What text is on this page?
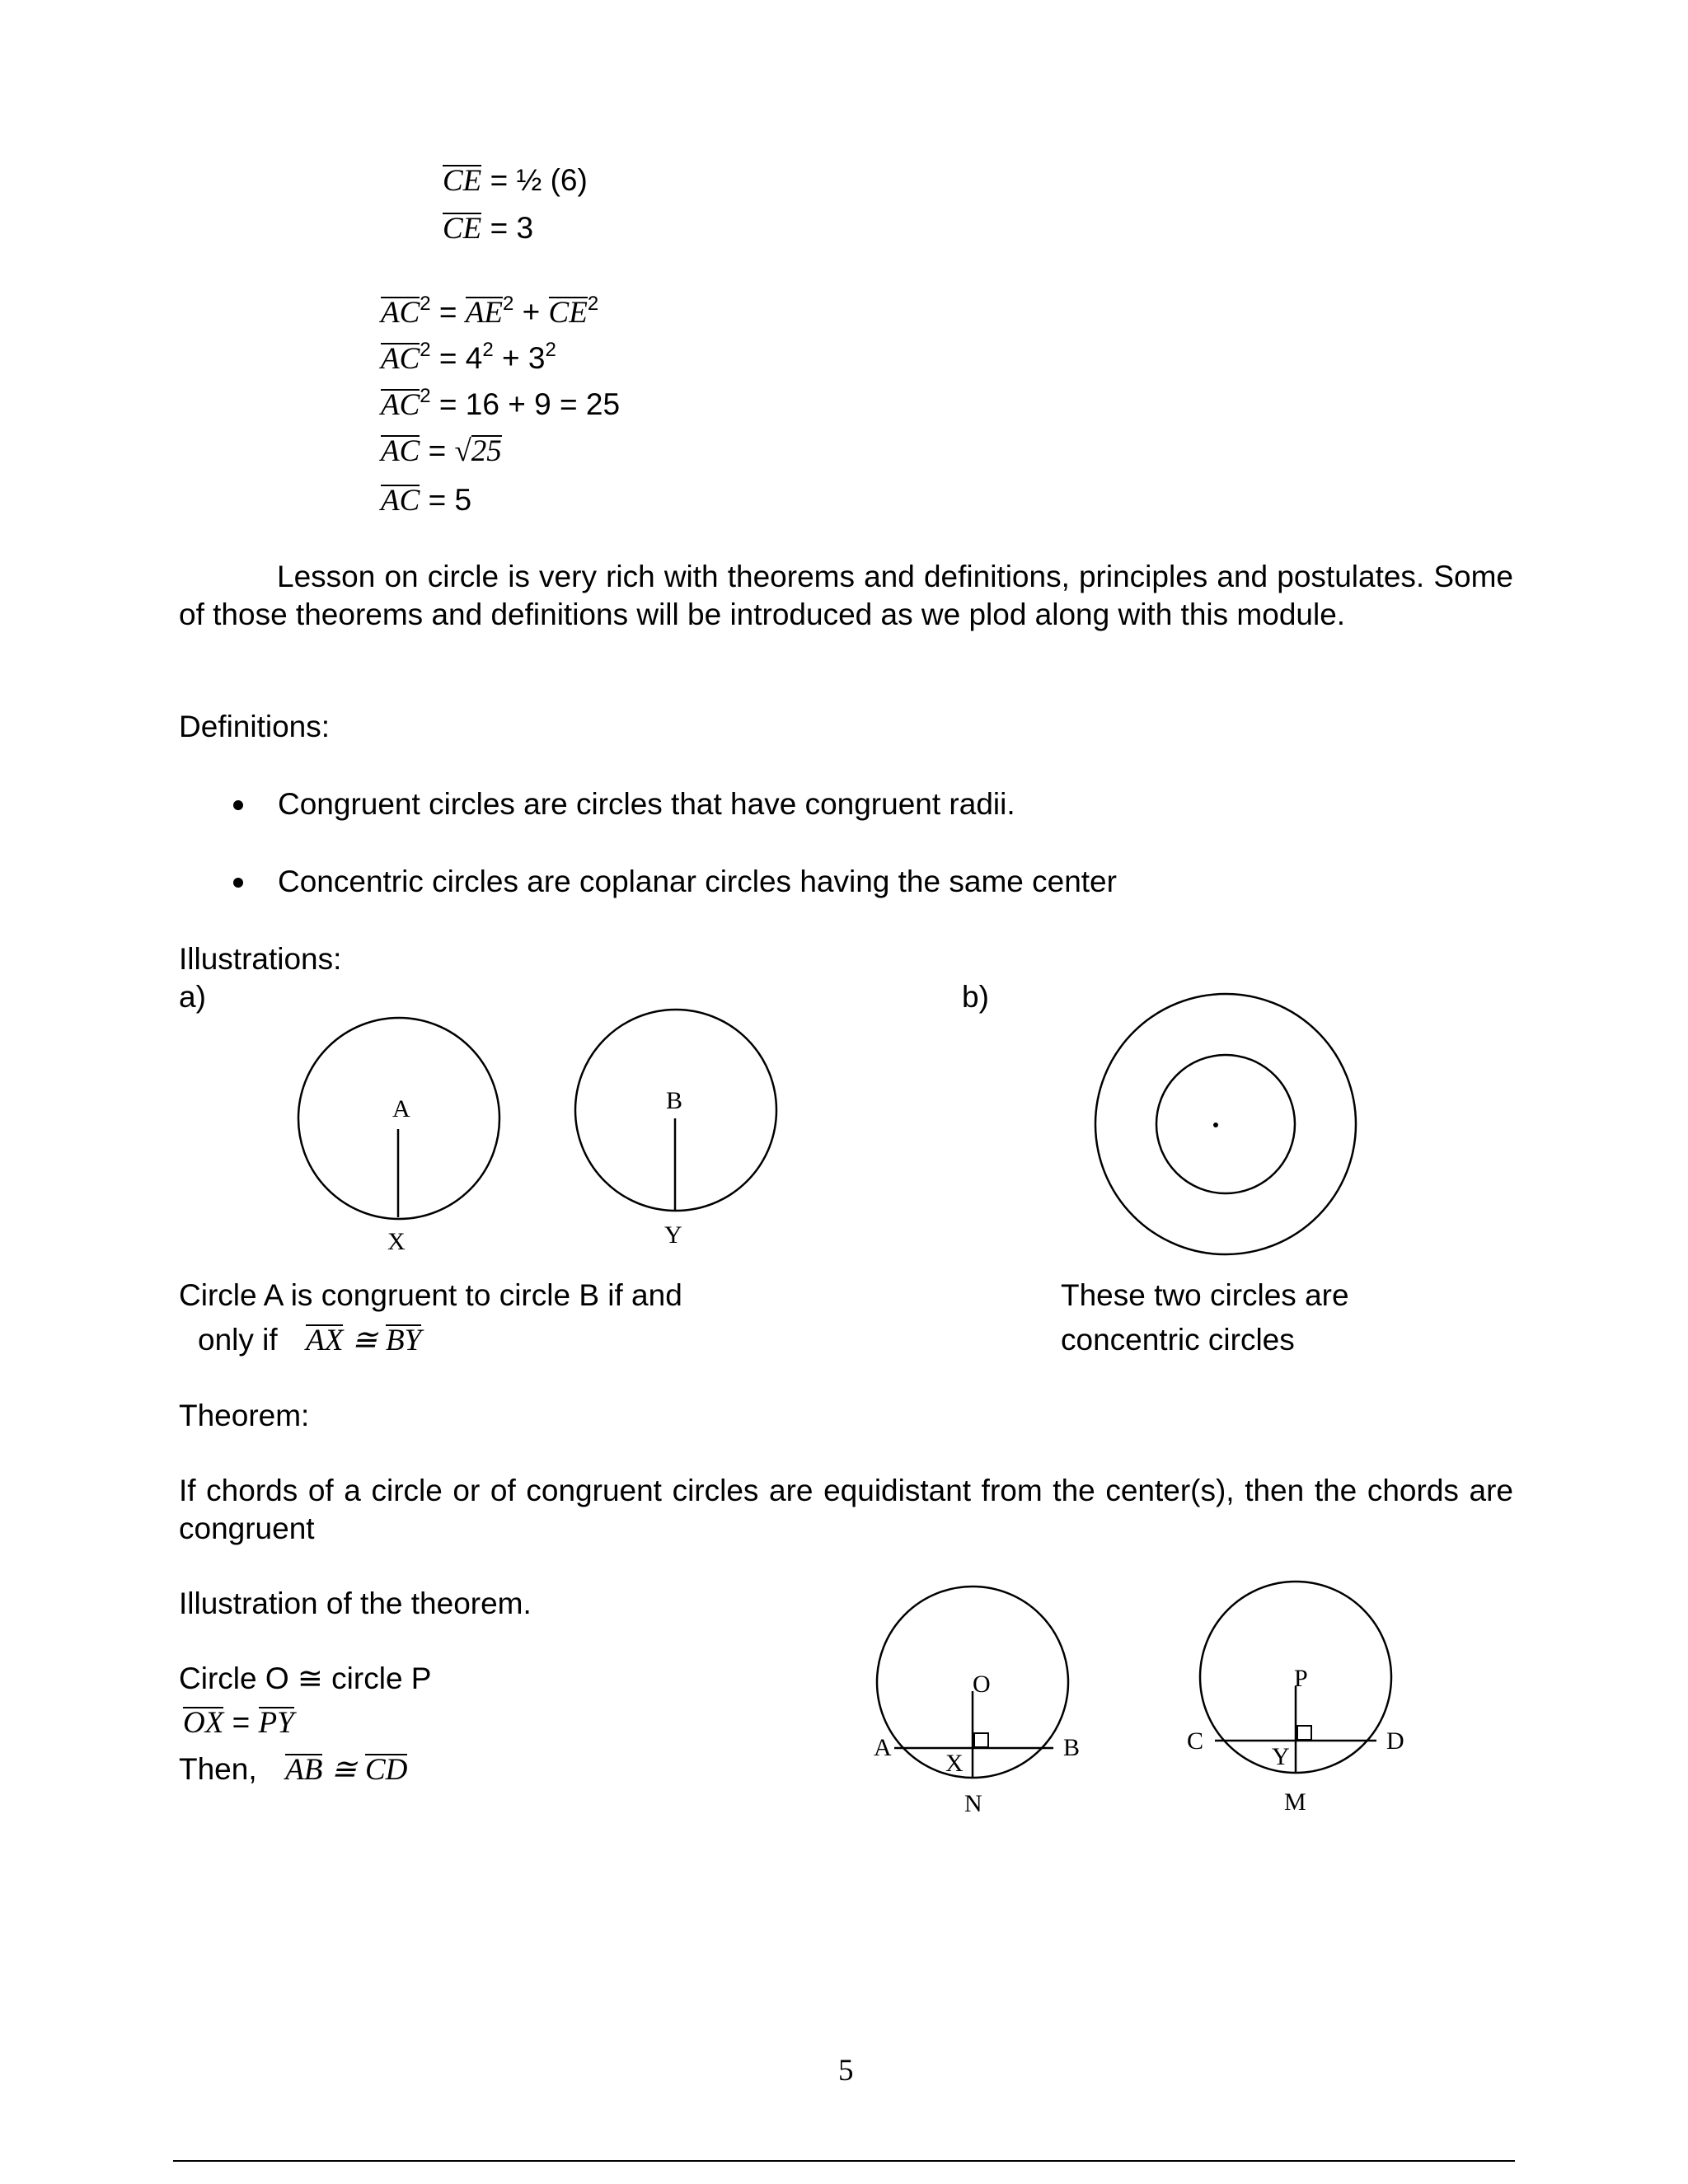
CE = ½ (6)
CE = 3
$AC^2 = AE^2 + CE^2$
$AC^2 = 4^2 + 3^2$
$AC^2 = 16 + 9 = 25$
AC = √25
AC = 5
Lesson on circle is very rich with theorems and definitions, principles and postulates. Some of those theorems and definitions will be introduced as we plod along with this module.
Definitions:
Congruent circles are circles that have congruent radii.
Concentric circles are coplanar circles having the same center
Illustrations:
a)	b)
A
X
B
Y
O
A	B
X
N
P
C	D
Y
M
Circle A is congruent to circle B if and
only if AX ≅ BY
These two circles are
concentric circles
Theorem:
If chords of a circle or of congruent circles are equidistant from the center(s), then the chords are congruent
Illustration of the theorem.
Circle O ≅ circle P
OX = PY
Then, AB ≅ CD
5
